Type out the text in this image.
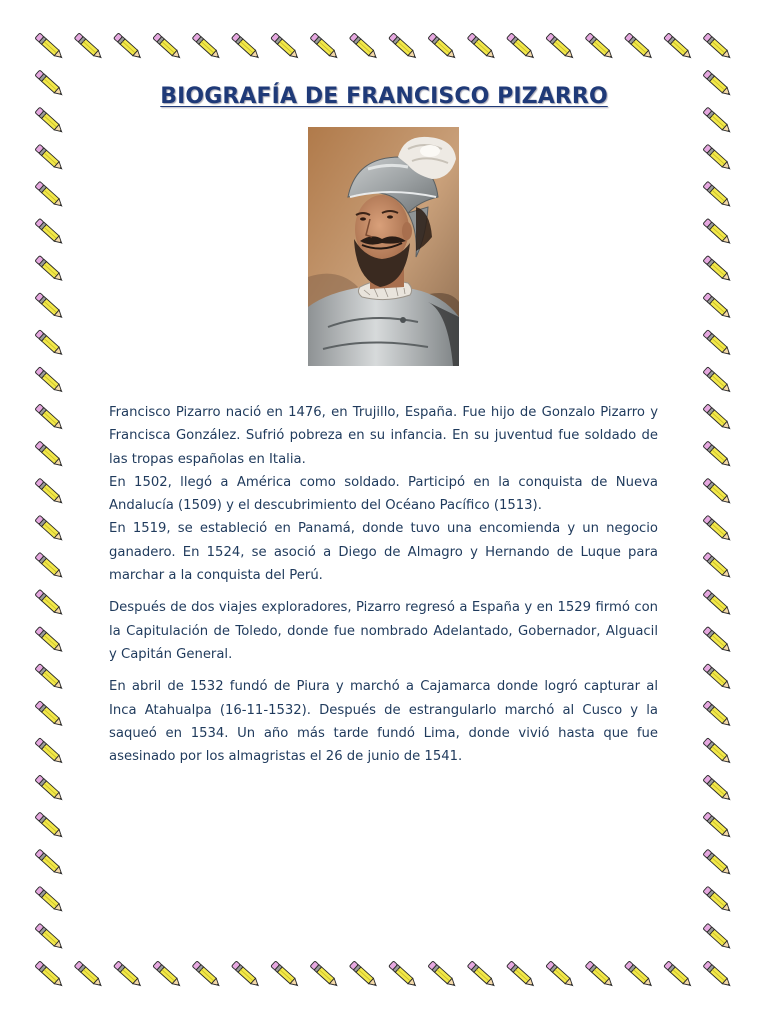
BIOGRAFÍA DE FRANCISCO PIZARRO

Francisco Pizarro nació en 1476, en Trujillo, España. Fue hijo de Gonzalo Pizarro y Francisca González. Sufrió pobreza en su infancia. En su juventud fue soldado de las tropas españolas en Italia.

En 1502, llegó a América como soldado. Participó en la conquista de Nueva Andalucía (1509) y el descubrimiento del Océano Pacífico (1513).

En 1519, se estableció en Panamá, donde tuvo una encomienda y un negocio ganadero. En 1524, se asoció a Diego de Almagro y Hernando de Luque para marchar a la conquista del Perú.

Después de dos viajes exploradores, Pizarro regresó a España y en 1529 firmó con la Capitulación de Toledo, donde fue nombrado Adelantado, Gobernador, Alguacil y Capitán General.

En abril de 1532 fundó de Piura y marchó a Cajamarca donde logró capturar al Inca Atahualpa (16-11-1532). Después de estrangularlo marchó al Cusco y la saqueó en 1534. Un año más tarde fundó Lima, donde vivió hasta que fue asesinado por los almagristas el 26 de junio de 1541.
